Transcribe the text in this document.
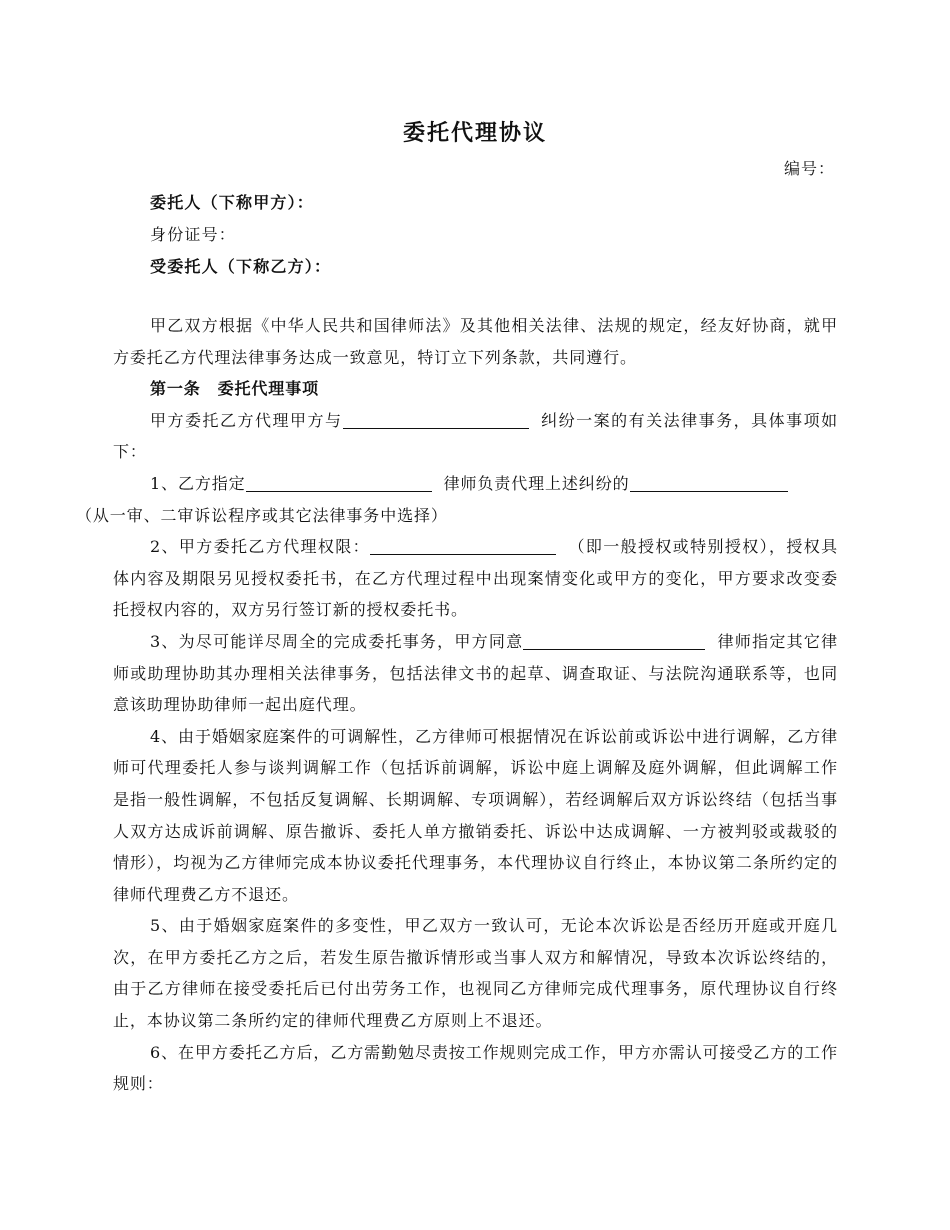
委托代理协议
编号：
委托人（下称甲方）：
身份证号：
受委托人（下称乙方）：

甲乙双方根据《中华人民共和国律师法》及其他相关法律、法规的规定，经友好协商，就甲方委托乙方代理法律事务达成一致意见，特订立下列条款，共同遵行。

第一条　委托代理事项

甲方委托乙方代理甲方与	纠纷一案的有关法律事务，具体事项如下：

1、乙方指定	律师负责代理上述纠纷的
（从一审、二审诉讼程序或其它法律事务中选择）

2、甲方委托乙方代理权限：	（即一般授权或特别授权），授权具体内容及期限另见授权委托书，在乙方代理过程中出现案情变化或甲方的变化，甲方要求改变委托授权内容的，双方另行签订新的授权委托书。

3、为尽可能详尽周全的完成委托事务，甲方同意	律师指定其它律师或助理协助其办理相关法律事务，包括法律文书的起草、调查取证、与法院沟通联系等，也同意该助理协助律师一起出庭代理。

4、由于婚姻家庭案件的可调解性，乙方律师可根据情况在诉讼前或诉讼中进行调解，乙方律师可代理委托人参与谈判调解工作（包括诉前调解，诉讼中庭上调解及庭外调解，但此调解工作是指一般性调解，不包括反复调解、长期调解、专项调解），若经调解后双方诉讼终结（包括当事人双方达成诉前调解、原告撤诉、委托人单方撤销委托、诉讼中达成调解、一方被判驳或裁驳的情形），均视为乙方律师完成本协议委托代理事务，本代理协议自行终止，本协议第二条所约定的律师代理费乙方不退还。

5、由于婚姻家庭案件的多变性，甲乙双方一致认可，无论本次诉讼是否经历开庭或开庭几次，在甲方委托乙方之后，若发生原告撤诉情形或当事人双方和解情况，导致本次诉讼终结的，由于乙方律师在接受委托后已付出劳务工作，也视同乙方律师完成代理事务，原代理协议自行终止，本协议第二条所约定的律师代理费乙方原则上不退还。

6、在甲方委托乙方后，乙方需勤勉尽责按工作规则完成工作，甲方亦需认可接受乙方的工作规则：
